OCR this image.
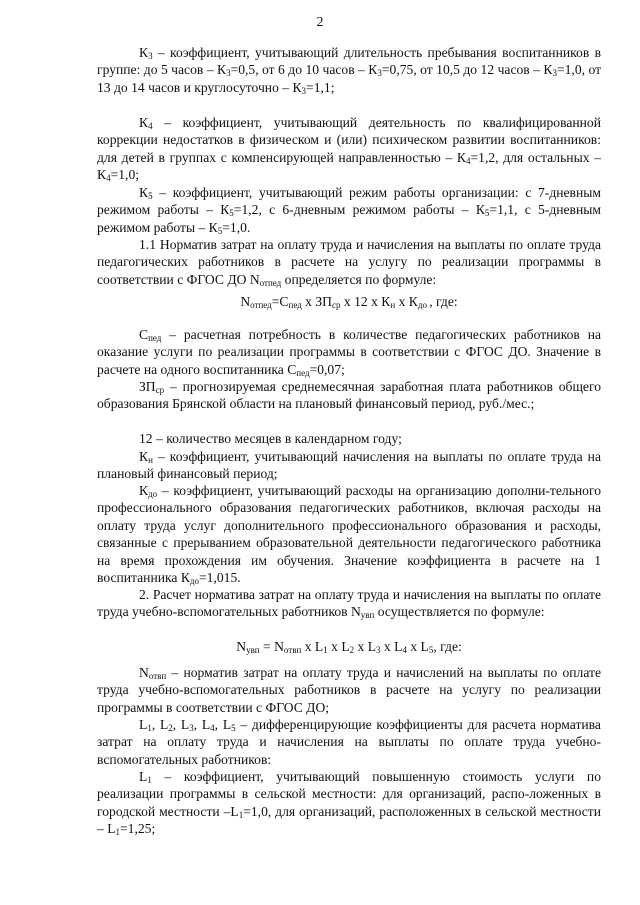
2

$К_3$ – коэффициент, учитывающий длительность пребывания воспитанников в группе: до 5 часов – $К_3=0,5$, от 6 до 10 часов – $К_3=0,75$, от 10,5 до 12 часов – $К_3=1,0$, от 13 до 14 часов и круглосуточно – $К_3=1,1$;

$К_4$ – коэффициент, учитывающий деятельность по квалифицированной коррекции недостатков в физическом и (или) психическом развитии воспитанников: для детей в группах с компенсирующей направленностью – $К_4=1,2$, для остальных – $К_4=1,0$;

$К_5$ – коэффициент, учитывающий режим работы организации: с 7-дневным режимом работы – $К_5=1,2$, с 6-дневным режимом работы – $К_5=1,1$, с 5-дневным режимом работы – $К_5=1,0$.

1.1 Норматив затрат на оплату труда и начисления на выплаты по оплате труда педагогических работников в расчете на услугу по реализации программы в соответствии с ФГОС ДО $N_{отпед}$ определяется по формуле:

$N_{отпед}=С_{пед}$ х $ЗП_{ср}$ х 12 х $К_н$ х $К_{до}$ , где:

$С_{пед}$ – расчетная потребность в количестве педагогических работников на оказание услуги по реализации программы в соответствии с ФГОС ДО. Значение в расчете на одного воспитанника $С_{пед}=0,07$;

$ЗП_{ср}$ – прогнозируемая среднемесячная заработная плата работников общего образования Брянской области на плановый финансовый период, руб./мес.;

12 – количество месяцев в календарном году;

$К_н$ – коэффициент, учитывающий начисления на выплаты по оплате труда на плановый финансовый период;

$К_{до}$ – коэффициент, учитывающий расходы на организацию дополни-тельного профессионального образования педагогических работников, включая расходы на оплату труда услуг дополнительного профессионального образования и расходы, связанные с прерыванием образовательной деятельности педагогического работника на время прохождения им обучения. Значение коэффициента в расчете на 1 воспитанника $К_{до}=1,015$.

2. Расчет норматива затрат на оплату труда и начисления на выплаты по оплате труда учебно-вспомогательных работников $N_{увп}$ осуществляется по формуле:

$N_{увп} = N_{отвп}$ х $L_1$ х $L_2$ х $L_3$ х $L_4$ х $L_5$, где:

$N_{отвп}$ – норматив затрат на оплату труда и начислений на выплаты по оплате труда учебно-вспомогательных работников в расчете на услугу по реализации программы в соответствии с ФГОС ДО;

$L_1$, $L_2$, $L_3$, $L_4$, $L_5$ – дифференцирующие коэффициенты для расчета норматива затрат на оплату труда и начисления на выплаты по оплате труда учебно-вспомогательных работников:

$L_1$ – коэффициент, учитывающий повышенную стоимость услуги по реализации программы в сельской местности: для организаций, распо-ложенных в городской местности $-L_1=1,0$, для организаций, расположенных в сельской местности – $L_1=1,25$;
